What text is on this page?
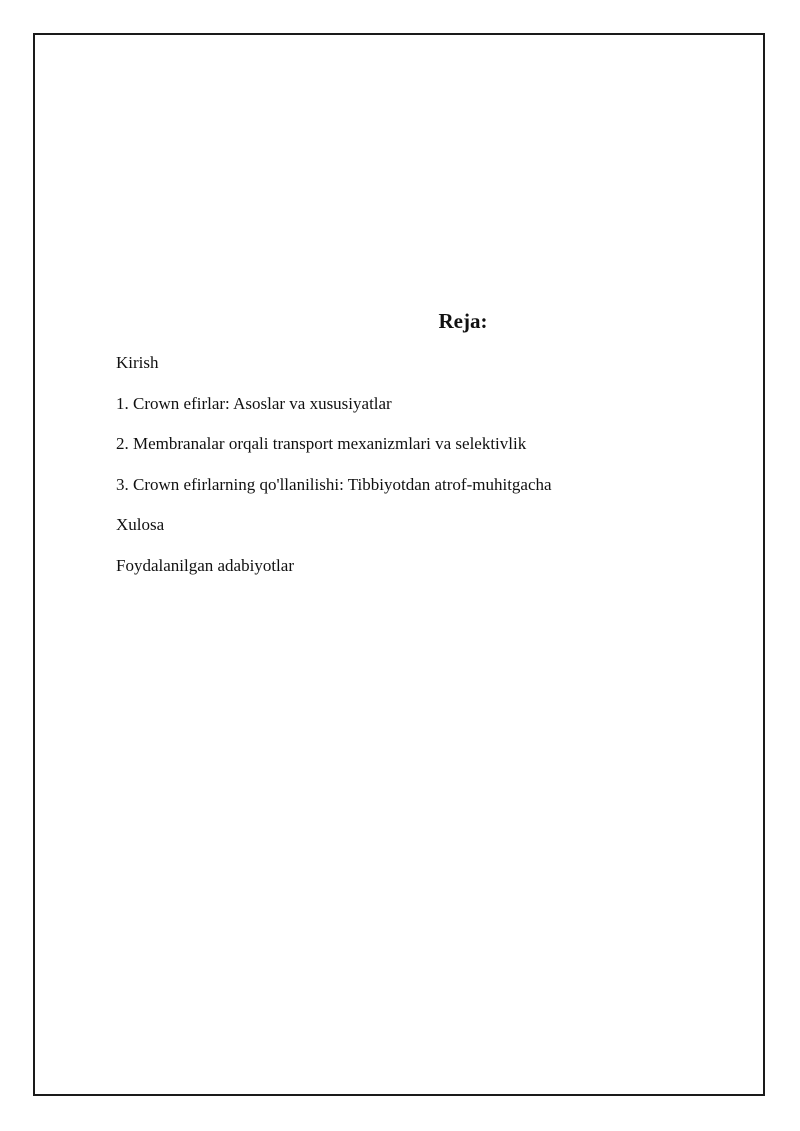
Reja:
Kirish
1. Crown efirlar: Asoslar va xususiyatlar
2. Membranalar orqali transport mexanizmlari va selektivlik
3. Crown efirlarning qo'llanilishi: Tibbiyotdan atrof-muhitgacha
Xulosa
Foydalanilgan adabiyotlar
